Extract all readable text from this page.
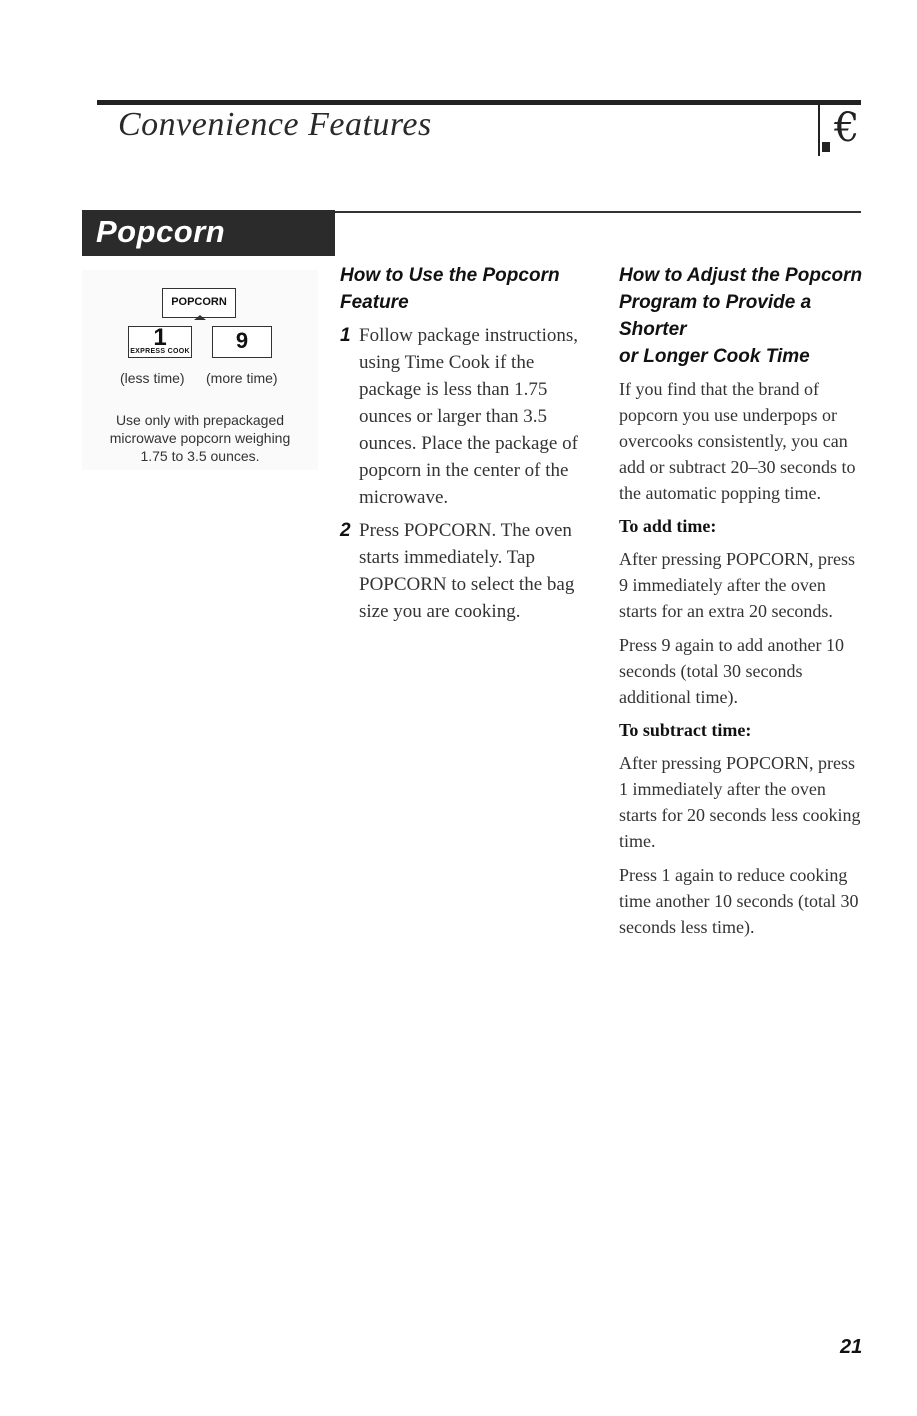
Convenience Features	€
Popcorn
POPCORN
1
EXPRESS COOK	9
(less time) (more time)
Use only with prepackaged
microwave popcorn weighing
1.75 to 3.5 ounces.
How to Use the Popcorn
Feature
1 Follow package instructions, using Time Cook if the package is less than 1.75 ounces or larger than 3.5 ounces. Place the package of popcorn in the center of the microwave.

2 Press POPCORN. The oven starts immediately. Tap POPCORN to select the bag size you are cooking.

How to Adjust the Popcorn
Program to Provide a Shorter
or Longer Cook Time

If you find that the brand of popcorn you use underpops or overcooks consistently, you can add or subtract 20–30 seconds to the automatic popping time.

To add time:

After pressing POPCORN, press 9 immediately after the oven starts for an extra 20 seconds.

Press 9 again to add another 10 seconds (total 30 seconds additional time).

To subtract time:

After pressing POPCORN, press 1 immediately after the oven starts for 20 seconds less cooking time.

Press 1 again to reduce cooking time another 10 seconds (total 30 seconds less time).

21
